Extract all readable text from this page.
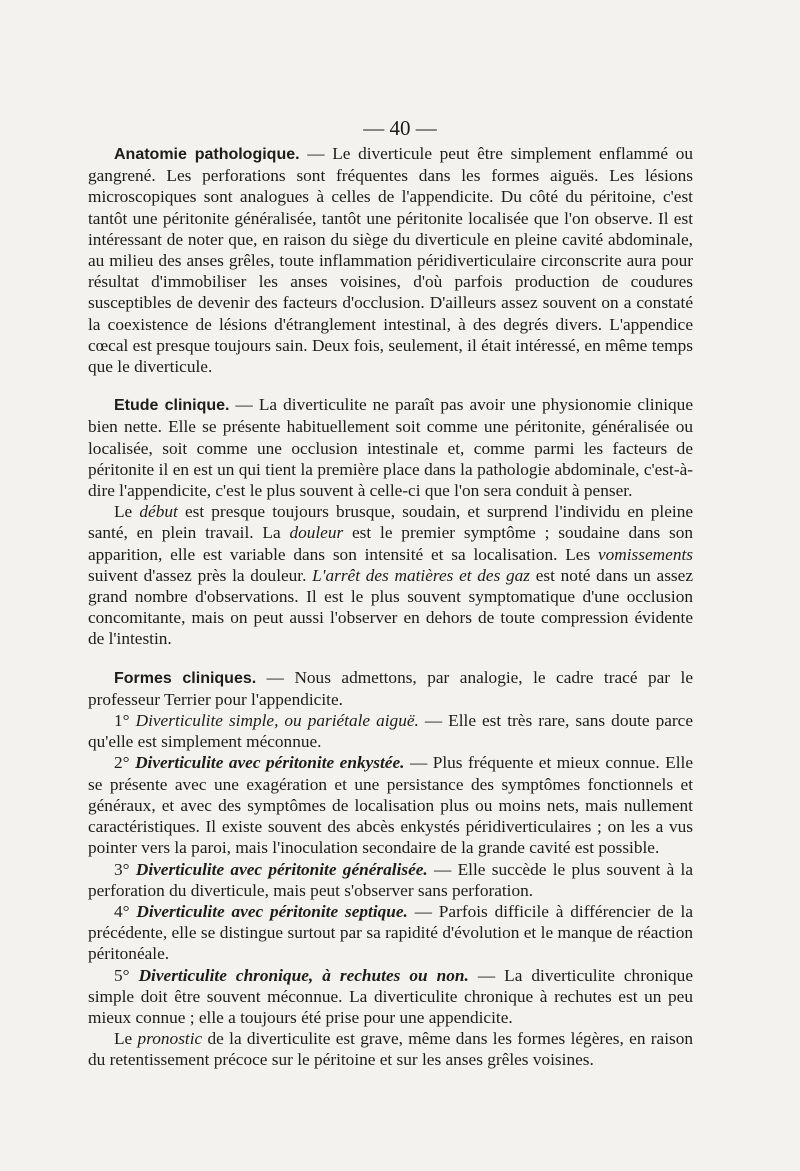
— 40 —

Anatomie pathologique. — Le diverticule peut être simplement enflammé ou gangrené. Les perforations sont fréquentes dans les formes aiguës. Les lésions microscopiques sont analogues à celles de l'appendicite. Du côté du péritoine, c'est tantôt une péritonite généralisée, tantôt une péritonite localisée que l'on observe. Il est intéressant de noter que, en raison du siège du diverticule en pleine cavité abdominale, au milieu des anses grêles, toute inflammation péridiverticulaire circonscrite aura pour résultat d'immobiliser les anses voisines, d'où parfois production de coudures susceptibles de devenir des facteurs d'occlusion. D'ailleurs assez souvent on a constaté la coexistence de lésions d'étranglement intestinal, à des degrés divers. L'appendice cœcal est presque toujours sain. Deux fois, seulement, il était intéressé, en même temps que le diverticule.

Etude clinique. — La diverticulite ne paraît pas avoir une physionomie clinique bien nette. Elle se présente habituellement soit comme une péritonite, généralisée ou localisée, soit comme une occlusion intestinale et, comme parmi les facteurs de péritonite il en est un qui tient la première place dans la pathologie abdominale, c'est-à-dire l'appendicite, c'est le plus souvent à celle-ci que l'on sera conduit à penser.

Le début est presque toujours brusque, soudain, et surprend l'individu en pleine santé, en plein travail. La douleur est le premier symptôme ; soudaine dans son apparition, elle est variable dans son intensité et sa localisation. Les vomissements suivent d'assez près la douleur. L'arrêt des matières et des gaz est noté dans un assez grand nombre d'observations. Il est le plus souvent symptomatique d'une occlusion concomitante, mais on peut aussi l'observer en dehors de toute compression évidente de l'intestin.

Formes cliniques. — Nous admettons, par analogie, le cadre tracé par le professeur Terrier pour l'appendicite.

1° Diverticulite simple, ou pariétale aiguë. — Elle est très rare, sans doute parce qu'elle est simplement méconnue.

2° Diverticulite avec péritonite enkystée. — Plus fréquente et mieux connue. Elle se présente avec une exagération et une persistance des symptômes fonctionnels et généraux, et avec des symptômes de localisation plus ou moins nets, mais nullement caractéristiques. Il existe souvent des abcès enkystés péridiverticulaires ; on les a vus pointer vers la paroi, mais l'inoculation secondaire de la grande cavité est possible.

3° Diverticulite avec péritonite généralisée. — Elle succède le plus souvent à la perforation du diverticule, mais peut s'observer sans perforation.

4° Diverticulite avec péritonite septique. — Parfois difficile à différencier de la précédente, elle se distingue surtout par sa rapidité d'évolution et le manque de réaction péritonéale.

5° Diverticulite chronique, à rechutes ou non. — La diverticulite chronique simple doit être souvent méconnue. La diverticulite chronique à rechutes est un peu mieux connue ; elle a toujours été prise pour une appendicite.

Le pronostic de la diverticulite est grave, même dans les formes légères, en raison du retentissement précoce sur le péritoine et sur les anses grêles voisines.
